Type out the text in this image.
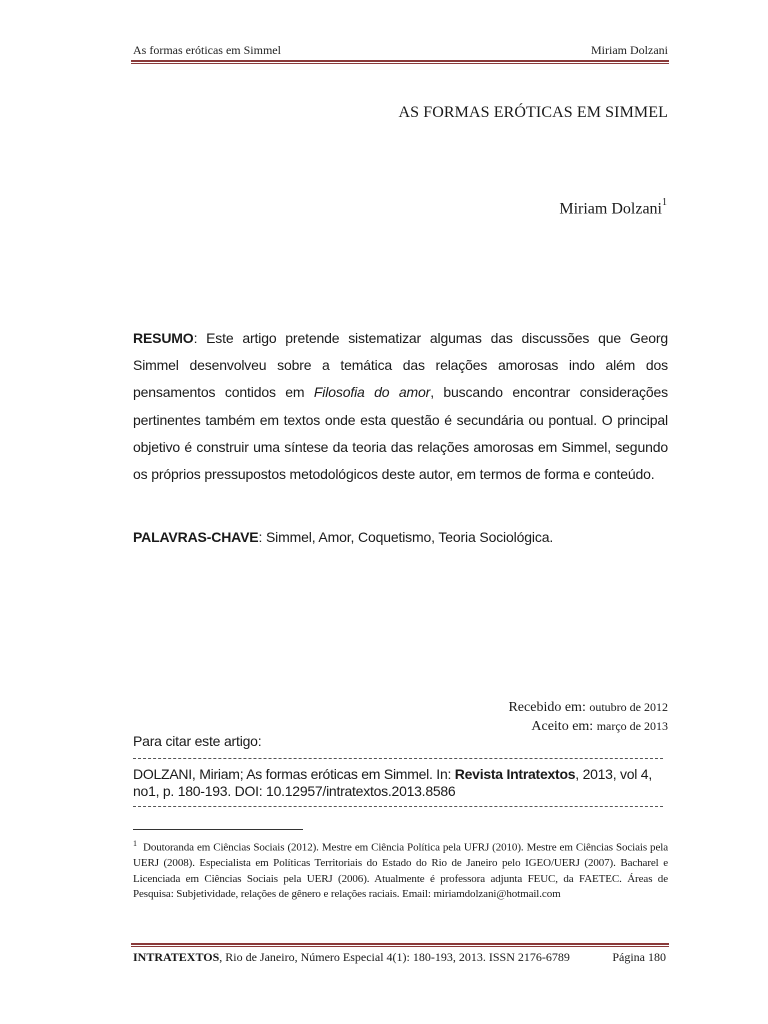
As formas eróticas em Simmel	Miriam Dolzani
AS FORMAS ERÓTICAS EM SIMMEL
Miriam Dolzani$^1$
RESUMO: Este artigo pretende sistematizar algumas das discussões que Georg Simmel desenvolveu sobre a temática das relações amorosas indo além dos pensamentos contidos em Filosofia do amor, buscando encontrar considerações pertinentes também em textos onde esta questão é secundária ou pontual. O principal objetivo é construir uma síntese da teoria das relações amorosas em Simmel, segundo os próprios pressupostos metodológicos deste autor, em termos de forma e conteúdo.
PALAVRAS-CHAVE: Simmel, Amor, Coquetismo, Teoria Sociológica.
Recebido em: outubro de 2012
Aceito em: março de 2013
Para citar este artigo:
DOLZANI, Miriam; As formas eróticas em Simmel. In: Revista Intratextos, 2013, vol 4, no1, p. 180-193. DOI: 10.12957/intratextos.2013.8586
$^1$ Doutoranda em Ciências Sociais (2012). Mestre em Ciência Política pela UFRJ (2010). Mestre em Ciências Sociais pela UERJ (2008). Especialista em Políticas Territoriais do Estado do Rio de Janeiro pelo IGEO/UERJ (2007). Bacharel e Licenciada em Ciências Sociais pela UERJ (2006). Atualmente é professora adjunta FEUC, da FAETEC. Áreas de Pesquisa: Subjetividade, relações de gênero e relações raciais. Email: miriamdolzani@hotmail.com
INTRATEXTOS, Rio de Janeiro, Número Especial 4(1): 180-193, 2013. ISSN 2176-6789	Página 180
